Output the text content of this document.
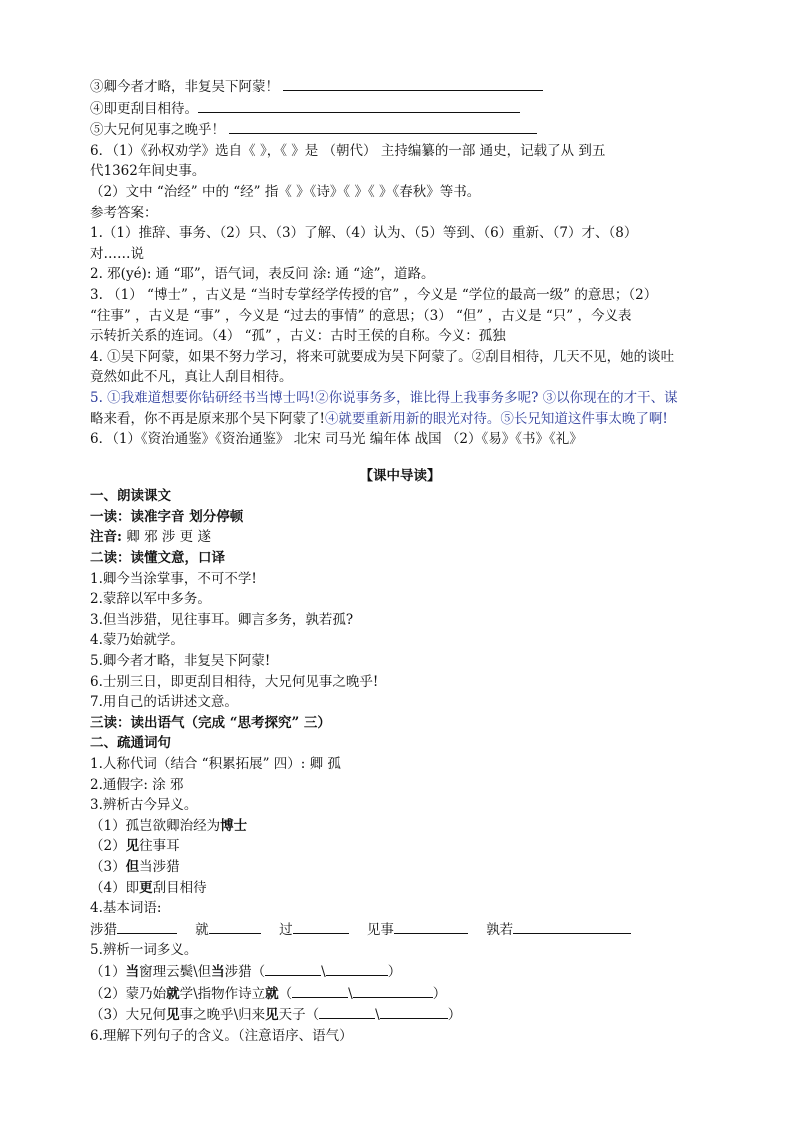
③卿今者才略，非复吴下阿蒙！
④即更刮目相待。
⑤大兄何见事之晚乎！
6．（1）《孙权劝学》选自《 》，《 》是 （朝代） 主持编纂的一部 通史，记载了从 到五
代1362年间史事。
（2）文中 “治经” 中的 “经” 指《 》《诗》《 》《 》《春秋》等书。
参考答案：
1.（1）推辞、事务、（2）只、（3）了解、（4）认为、（5）等到、（6）重新、（7）才、（8）
对……说
2. 邪(yé): 通 “耶”，语气词，表反问 涂: 通 “途”，道路。
3. （1） “博士” ，古义是 “当时专掌经学传授的官” ，今义是 “学位的最高一级” 的意思；（2）
“往事” ，古义是 “事” ，今义是 “过去的事情” 的意思；（3） “但” ，古义是 “只” ，今义表
示转折关系的连词。（4） “孤” ，古义：古时王侯的自称。今义：孤独
4. ①吴下阿蒙，如果不努力学习，将来可就要成为吴下阿蒙了。②刮目相待，几天不见，她的谈吐
竟然如此不凡，真让人刮目相待。
5. ①我难道想要你钻研经书当博士吗!②你说事务多，谁比得上我事务多呢? ③以你现在的才干、谋
略来看，你不再是原来那个吴下阿蒙了!④就要重新用新的眼光对待。⑤长兄知道这件事太晚了啊!
6．（1）《资治通鉴》《资治通鉴》 北宋 司马光 编年体 战国 （2）《易》《书》《礼》
【课中导读】
一、朗读课文
一读：读准字音 划分停顿
注音: 卿 邪 涉 更 遂
二读：读懂文意，口译
1.卿今当涂掌事，不可不学!
2.蒙辞以军中多务。
3.但当涉猎，见往事耳。卿言多务，孰若孤?
4.蒙乃始就学。
5.卿今者才略，非复吴下阿蒙!
6.士别三日，即更刮目相待，大兄何见事之晚乎!
7.用自己的话讲述文意。
三读：读出语气（完成 “思考探究” 三）
二、疏通词句
1.人称代词（结合 “积累拓展” 四）: 卿 孤
2.通假字: 涂 邪
3.辨析古今异义。
（1）孤岂欲卿治经为博士
（2）见往事耳
（3）但当涉猎
（4）即更刮目相待
4.基本词语:
涉猎	就	过	见事	孰若
5.辨析一词多义。
（1）当窗理云鬓\但当涉猎（	\	）
（2）蒙乃始就学\指物作诗立就（	\	）
（3）大兄何见事之晚乎\归来见天子（	\	）
6.理解下列句子的含义。（注意语序、语气）
